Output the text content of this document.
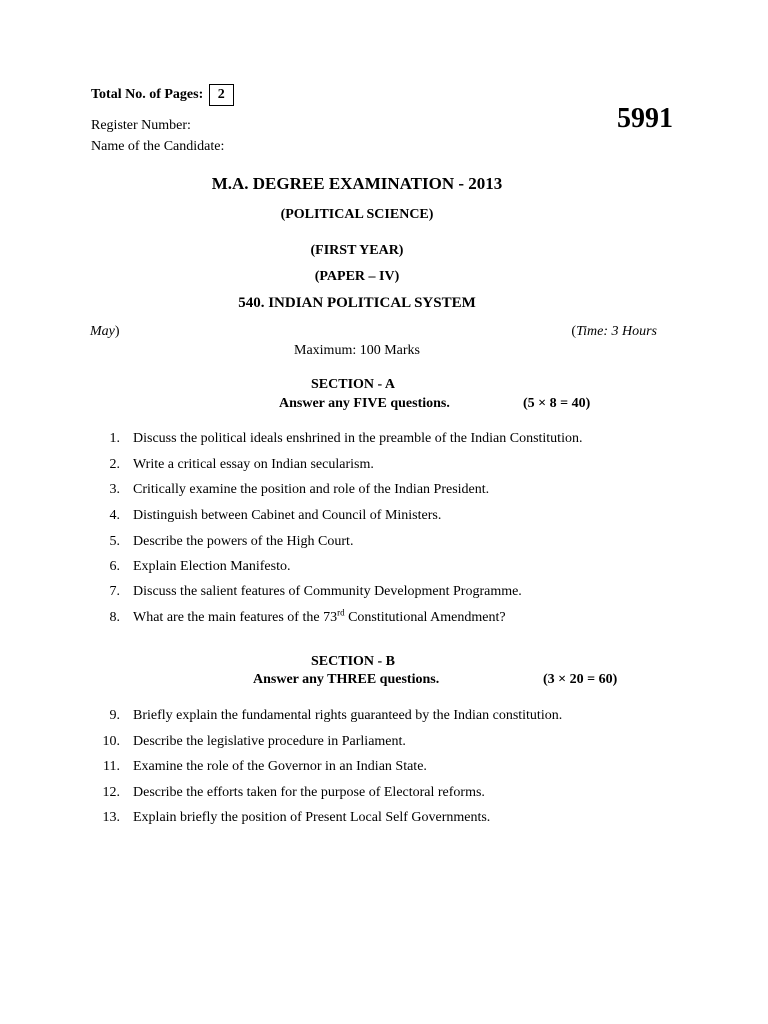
Total No. of Pages: 2
5991
Register Number:
Name of the Candidate:
M.A. DEGREE EXAMINATION - 2013
(POLITICAL SCIENCE)
(FIRST YEAR)
(PAPER – IV)
540. INDIAN POLITICAL SYSTEM
May)	(Time: 3 Hours
Maximum: 100 Marks
SECTION - A
Answer any FIVE questions.	(5 × 8 = 40)
1. Discuss the political ideals enshrined in the preamble of the Indian Constitution.
2. Write a critical essay on Indian secularism.
3. Critically examine the position and role of the Indian President.
4. Distinguish between Cabinet and Council of Ministers.
5. Describe the powers of the High Court.
6. Explain Election Manifesto.
7. Discuss the salient features of Community Development Programme.
8. What are the main features of the 73rd Constitutional Amendment?
SECTION - B
Answer any THREE questions.	(3 × 20 = 60)
9. Briefly explain the fundamental rights guaranteed by the Indian constitution.
10. Describe the legislative procedure in Parliament.
11. Examine the role of the Governor in an Indian State.
12. Describe the efforts taken for the purpose of Electoral reforms.
13. Explain briefly the position of Present Local Self Governments.
